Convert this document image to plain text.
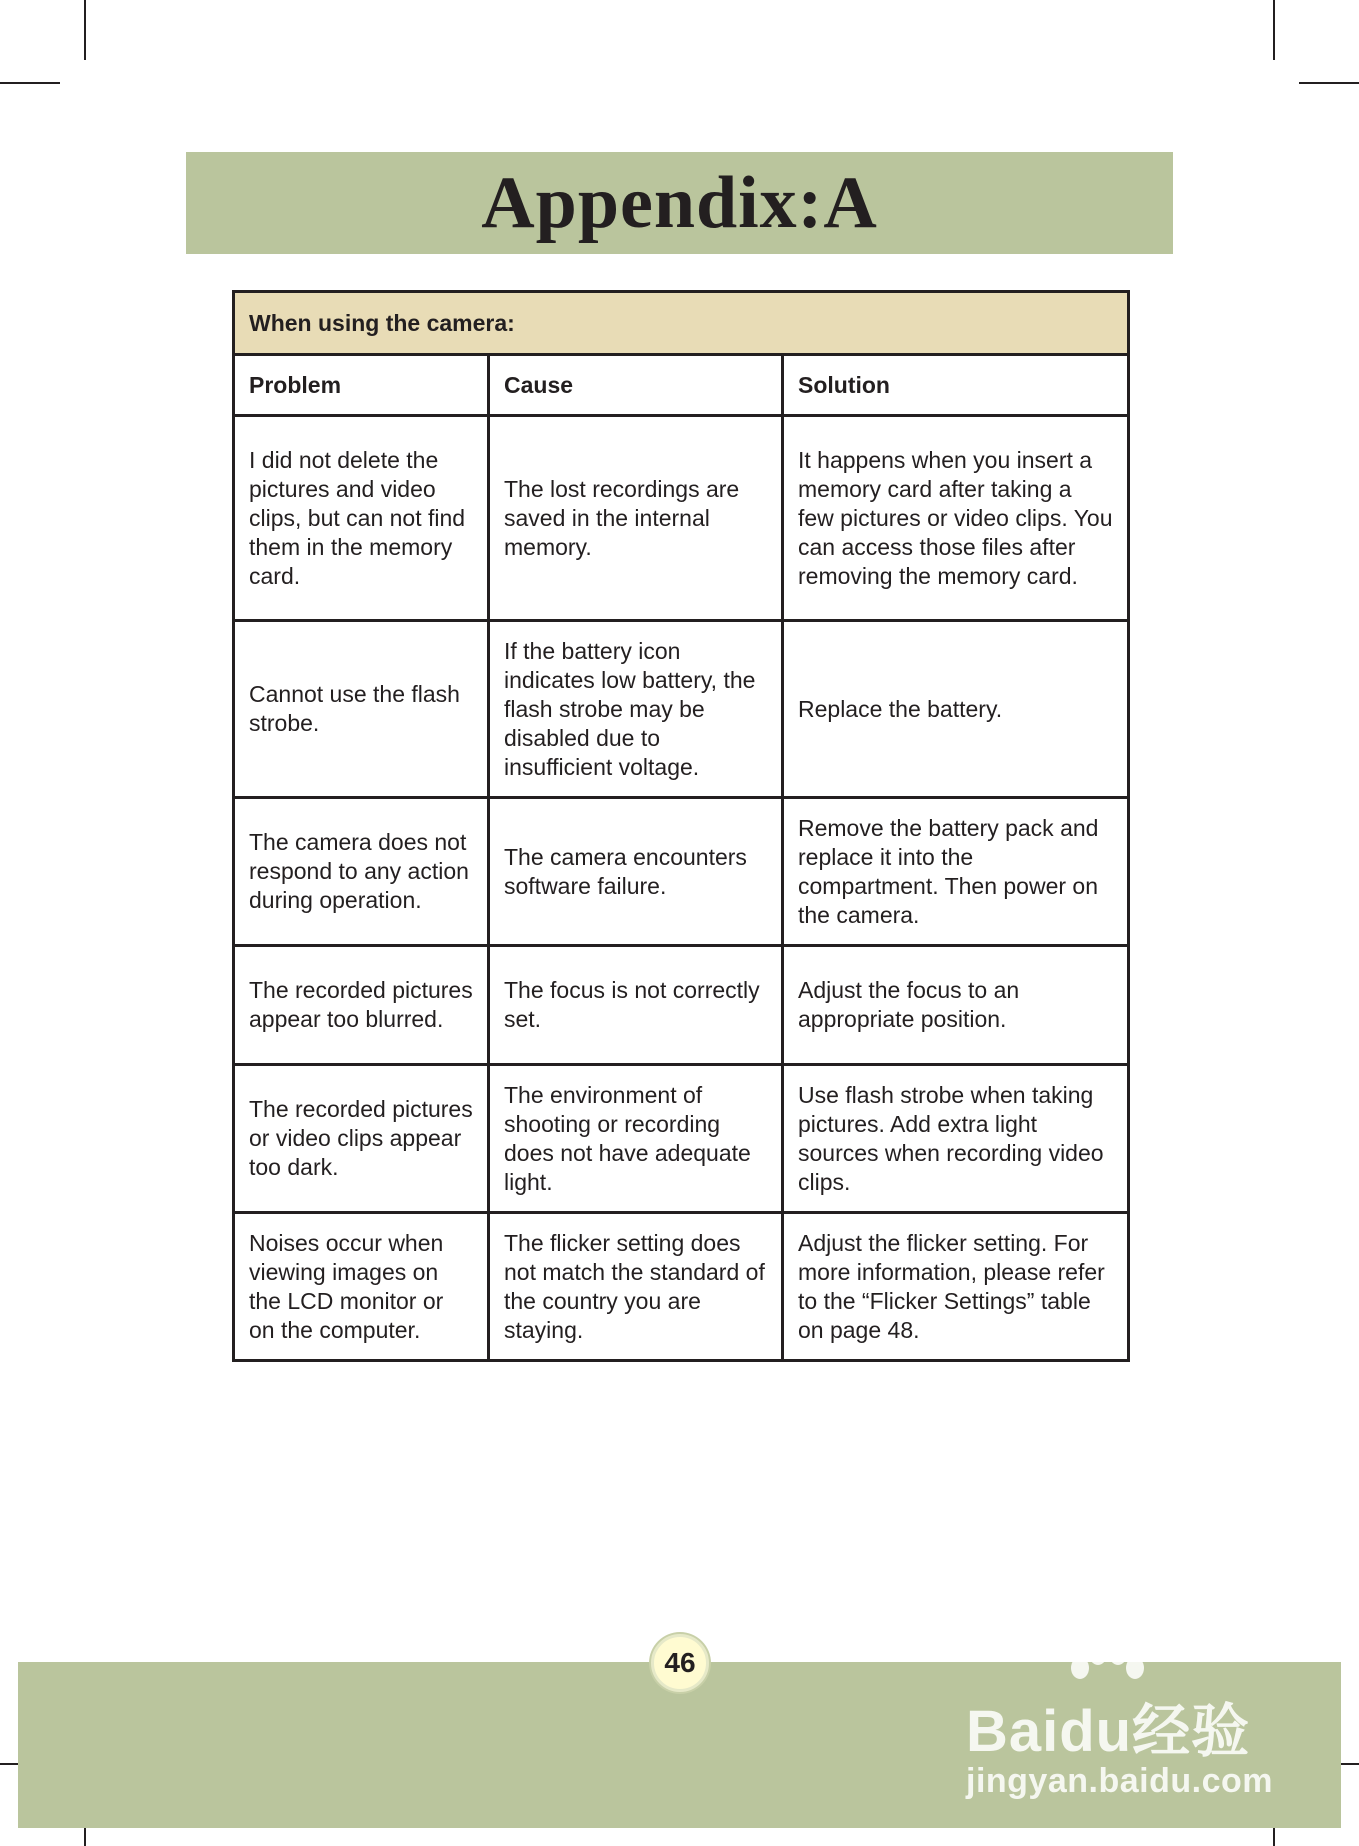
Appendix:A
When using the camera:		
Problem	Cause	Solution
I did not delete the pictures and video clips, but can not find them in the memory card.	The lost recordings are saved in the internal memory.	It happens when you insert a memory card after taking a few pictures or video clips. You can access those files after removing the memory card.
Cannot use the flash strobe.	If the battery icon indicates low battery, the flash strobe may be disabled due to insufficient voltage.	Replace the battery.
The camera does not respond to any action during operation.	The camera encounters software failure.	Remove the battery pack and replace it into the compartment. Then power on the camera.
The recorded pictures appear too blurred.	The focus is not correctly set.	Adjust the focus to an appropriate position.
The recorded pictures or video clips appear too dark.	The environment of shooting or recording does not have adequate light.	Use flash strobe when taking pictures. Add extra light sources when recording video clips.
Noises occur when viewing images on the LCD monitor or on the computer.	The flicker setting does not match the standard of the country you are staying.	Adjust the flicker setting. For more information, please refer to the “Flicker Settings” table on page 48.
46
Baidu经验
jingyan.baidu.com
